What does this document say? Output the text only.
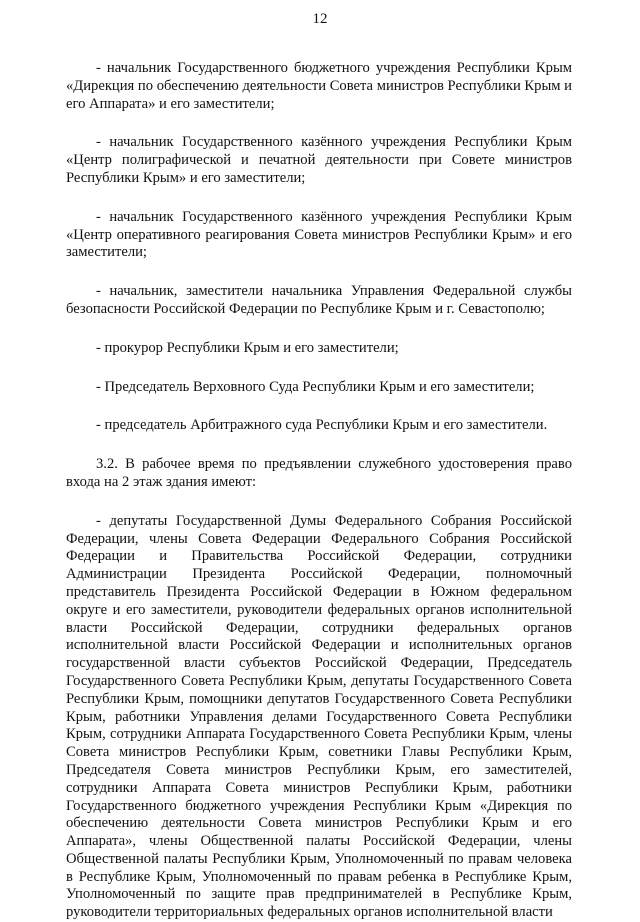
12

- начальник Государственного бюджетного учреждения Республики Крым «Дирекция по обеспечению деятельности Совета министров Республики Крым и его Аппарата» и его заместители;

- начальник Государственного казённого учреждения Республики Крым «Центр полиграфической и печатной деятельности при Совете министров Республики Крым» и его заместители;

- начальник Государственного казённого учреждения Республики Крым «Центр оперативного реагирования Совета министров Республики Крым» и его заместители;

- начальник, заместители начальника Управления Федеральной службы безопасности Российской Федерации по Республике Крым и г. Севастополю;

- прокурор Республики Крым и его заместители;

- Председатель Верховного Суда Республики Крым и его заместители;

- председатель Арбитражного суда Республики Крым и его заместители.

3.2. В рабочее время по предъявлении служебного удостоверения право входа на 2 этаж здания имеют:

- депутаты Государственной Думы Федерального Собрания Российской Федерации, члены Совета Федерации Федерального Собрания Российской Федерации и Правительства Российской Федерации, сотрудники Администрации Президента Российской Федерации, полномочный представитель Президента Российской Федерации в Южном федеральном округе и его заместители, руководители федеральных органов исполнительной власти Российской Федерации, сотрудники федеральных органов исполнительной власти Российской Федерации и исполнительных органов государственной власти субъектов Российской Федерации, Председатель Государственного Совета Республики Крым, депутаты Государственного Совета Республики Крым, помощники депутатов Государственного Совета Республики Крым, работники Управления делами Государственного Совета Республики Крым, сотрудники Аппарата Государственного Совета Республики Крым, члены Совета министров Республики Крым, советники Главы Республики Крым, Председателя Совета министров Республики Крым, его заместителей, сотрудники Аппарата Совета министров Республики Крым, работники Государственного бюджетного учреждения Республики Крым «Дирекция по обеспечению деятельности Совета министров Республики Крым и его Аппарата», члены Общественной палаты Российской Федерации, члены Общественной палаты Республики Крым, Уполномоченный по правам человека в Республике Крым, Уполномоченный по правам ребенка в Республике Крым, Уполномоченный по защите прав предпринимателей в Республике Крым, руководители территориальных федеральных органов исполнительной власти
